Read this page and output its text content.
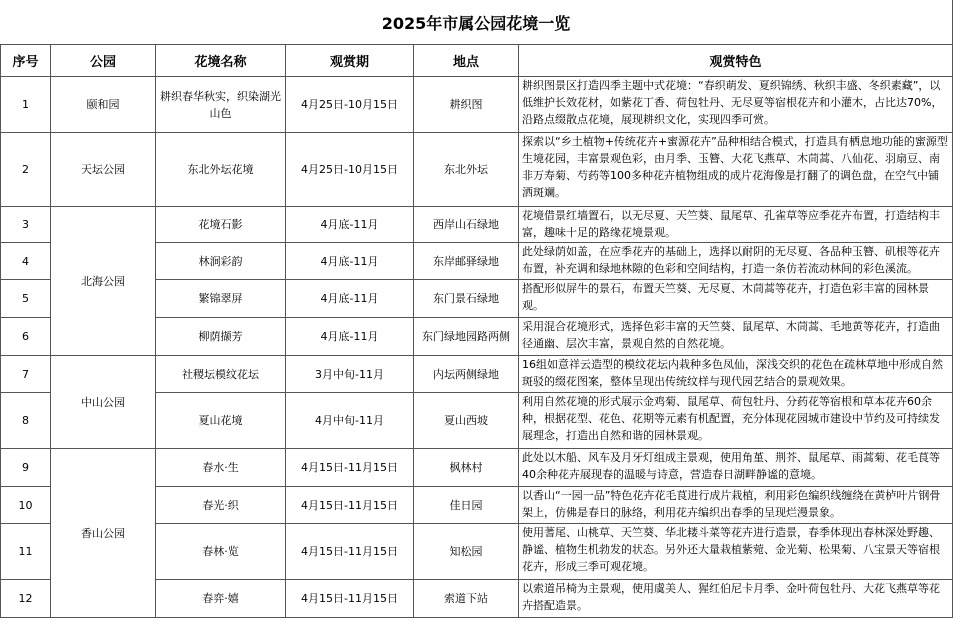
2025年市属公园花境一览
序号	公园	花境名称	观赏期	地点	观赏特色
1	颐和园	耕织春华秋实，织染湖光山色	4月25日-10月15日	耕织图	耕织图景区打造四季主题中式花境：“春织萌发、夏织锦绣、秋织丰盛、冬织素藏”，以低维护长效花材，如紫花丁香、荷包牡丹、无尽夏等宿根花卉和小灌木，占比达70%，沿路点缀散点花境，展现耕织文化，实现四季可赏。
2	天坛公园	东北外坛花境	4月25日-10月15日	东北外坛	探索以“乡土植物+传统花卉+蜜源花卉”品种相结合模式，打造具有栖息地功能的蜜源型生境花园，丰富景观色彩，由月季、玉簪、大花飞燕草、木茼蒿、八仙花、羽扇豆、南非万寿菊、芍药等100多种花卉植物组成的成片花海像是打翻了的调色盘，在空气中铺洒斑斓。
3	北海公园	花境石影	4月底-11月	西岸山石绿地	花境借景红墙置石，以无尽夏、天竺葵、鼠尾草、孔雀草等应季花卉布置，打造结构丰富，趣味十足的路缘花境景观。
4		林涧彩韵	4月底-11月	东岸邮驿绿地	此处绿荫如盖，在应季花卉的基础上，选择以耐阴的无尽夏、各品种玉簪、矶根等花卉布置，补充调和绿地林隙的色彩和空间结构，打造一条仿若流动林间的彩色溪流。
5		繁锦翠屏	4月底-11月	东门景石绿地	搭配形似屏牛的景石，布置天竺葵、无尽夏、木茼蒿等花卉，打造色彩丰富的园林景观。
6		柳荫撷芳	4月底-11月	东门绿地园路两侧	采用混合花境形式，选择色彩丰富的天竺葵、鼠尾草、木茼蒿、毛地黄等花卉，打造曲径通幽、层次丰富，景观自然的自然花境。
7	中山公园	社稷坛模纹花坛	3月中旬-11月	内坛两侧绿地	16组如意祥云造型的模纹花坛内栽种多色凤仙，深浅交织的花色在疏林草地中形成自然斑驳的缀花图案，整体呈现出传统纹样与现代园艺结合的景观效果。
8		夏山花境	4月中旬-11月	夏山西坡	利用自然花境的形式展示金鸡菊、鼠尾草、荷包牡丹、分药花等宿根和草本花卉60余种，根据花型、花色、花期等元素有机配置，充分体现花园城市建设中节约及可持续发展理念，打造出自然和谐的园林景观。
9	香山公园	春水·生	4月15日-11月15日	枫林村	此处以木船、风车及月牙灯组成主景观，使用角堇、荆芥、鼠尾草、雨蒿菊、花毛茛等40余种花卉展现春的温暖与诗意，营造春日湖畔静谧的意境。
10		春光·织	4月15日-11月15日	佳日园	以香山“一园一品”特色花卉花毛茛进行成片栽植，利用彩色编织线缠绕在黄栌叶片钢骨架上，仿佛是春日的脉络，利用花卉编织出春季的呈现烂漫景象。
11		春林·览	4月15日-11月15日	知松园	使用蓍尾、山桃草、天竺葵、华北耧斗菜等花卉进行造景，春季体现出春林深处野趣、静谧、植物生机勃发的状态。另外还大量栽植紫菀、金光菊、松果菊、八宝景天等宿根花卉，形成三季可观花境。
12		春弈·嬉	4月15日-11月15日	索道下站	以索道吊椅为主景观，使用虞美人、猩红伯尼卡月季、金叶荷包牡丹、大花飞燕草等花卉搭配造景。
